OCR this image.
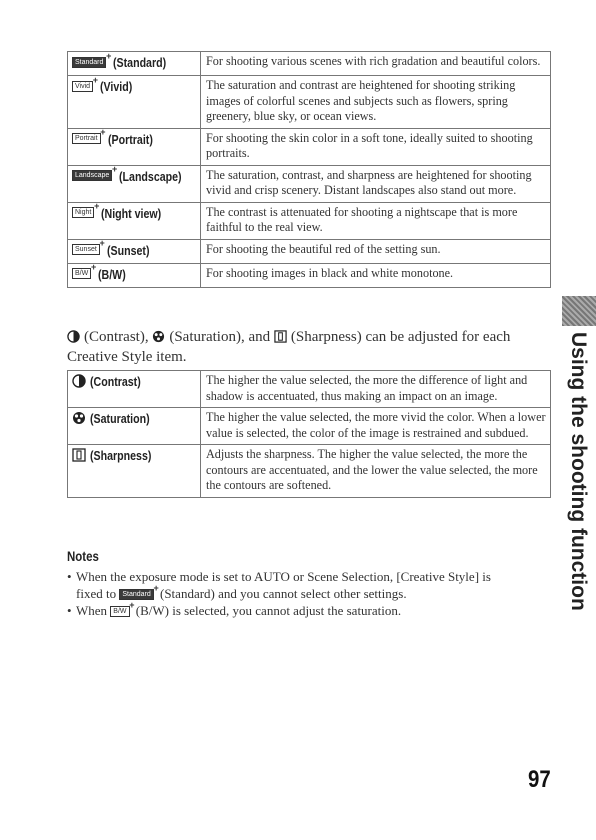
Standard
+
(Standard)	For shooting various scenes with rich gradation and beautiful colors.
Vivid
+
(Vivid)	The saturation and contrast are heightened for shooting striking images of colorful scenes and subjects such as flowers, spring greenery, blue sky, or ocean views.
Portrait
+
(Portrait)	For shooting the skin color in a soft tone, ideally suited to shooting portraits.
Landscape
+
(Landscape)	The saturation, contrast, and sharpness are heightened for shooting vivid and crisp scenery. Distant landscapes also stand out more.
Night
+
(Night view)	The contrast is attenuated for shooting a nightscape that is more faithful to the real view.
Sunset
+
(Sunset)	For shooting the beautiful red of the setting sun.
B/W
+
(B/W)	For shooting images in black and white monotone.
(Contrast), (Saturation), and (Sharpness) can be adjusted for each Creative Style item.
(Contrast)	The higher the value selected, the more the difference of light and shadow is accentuated, thus making an impact on an image.
(Saturation)	The higher the value selected, the more vivid the color. When a lower value is selected, the color of the image is restrained and subdued.
(Sharpness)	Adjusts the sharpness. The higher the value selected, the more the contours are accentuated, and the lower the value selected, the more the contours are softened.
Notes
• When the exposure mode is set to AUTO or Scene Selection, [Creative Style] is
fixed to Standard
+ (Standard) and you cannot select other settings.
• When B/W
+ (B/W) is selected, you cannot adjust the saturation.	Using the shooting function
97
